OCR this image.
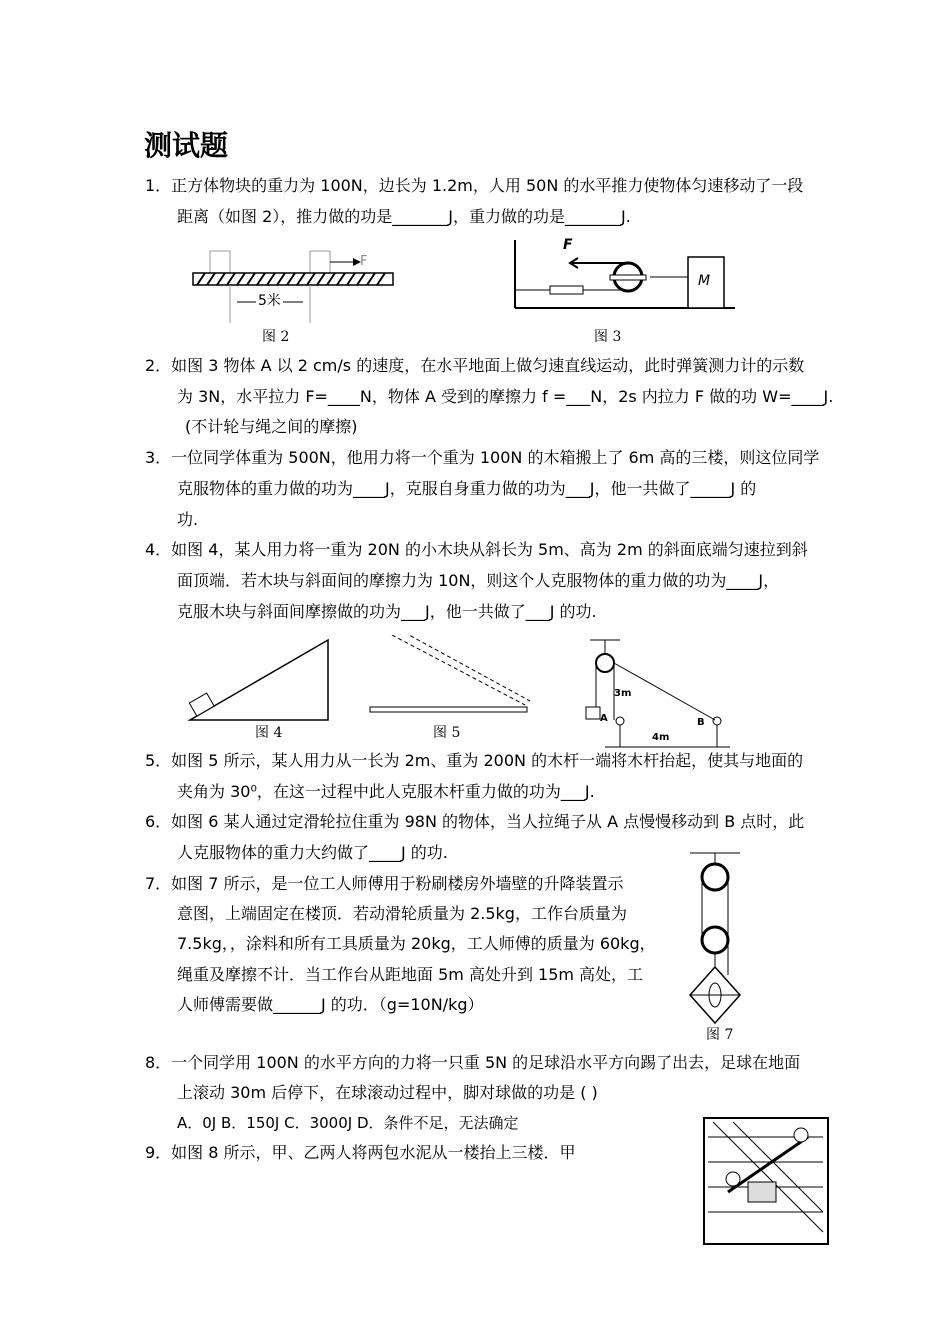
测试题
1．正方体物块的重力为 100N，边长为 1.2m，人用 50N 的水平推力使物体匀速移动了一段
距离（如图 2），推力做的功是_______J，重力做的功是_______J.
F
5米
图 2
F
M
图 3
2．如图 3 物体 A 以 2 cm/s 的速度，在水平地面上做匀速直线运动，此时弹簧测力计的示数
为 3N，水平拉力 F=____N，物体 A 受到的摩擦力 f =___N，2s 内拉力 F 做的功 W=____J.
(不计轮与绳之间的摩擦)
3．一位同学体重为 500N，他用力将一个重为 100N 的木箱搬上了 6m 高的三楼，则这位同学
克服物体的重力做的功为____J，克服自身重力做的功为___J，他一共做了_____J 的
功.
4．如图 4，某人用力将一重为 20N 的小木块从斜长为 5m、高为 2m 的斜面底端匀速拉到斜
面顶端．若木块与斜面间的摩擦力为 10N，则这个人克服物体的重力做的功为____J，
克服木块与斜面间摩擦做的功为___J，他一共做了___J 的功.
3m
4m
A	B
图 4	图 5
5．如图 5 所示，某人用力从一长为 2m、重为 200N 的木杆一端将木杆抬起，使其与地面的
夹角为 30⁰，在这一过程中此人克服木杆重力做的功为___J.
6．如图 6 某人通过定滑轮拉住重为 98N 的物体，当人拉绳子从 A 点慢慢移动到 B 点时，此
人克服物体的重力大约做了____J 的功.
7．如图 7 所示，是一位工人师傅用于粉刷楼房外墙壁的升降装置示
意图，上端固定在楼顶．若动滑轮质量为 2.5kg，工作台质量为
7.5kg，，涂料和所有工具质量为 20kg，工人师傅的质量为 60kg，
绳重及摩擦不计．当工作台从距地面 5m 高处升到 15m 高处，工
人师傅需要做______J 的功．（g=10N/kg）
图 7
8．一个同学用 100N 的水平方向的力将一只重 5N 的足球沿水平方向踢了出去，足球在地面
上滚动 30m 后停下，在球滚动过程中，脚对球做的功是 ( )
A．0J B．150J C．3000J D．条件不足，无法确定
9．如图 8 所示，甲、乙两人将两包水泥从一楼抬上三楼．甲
